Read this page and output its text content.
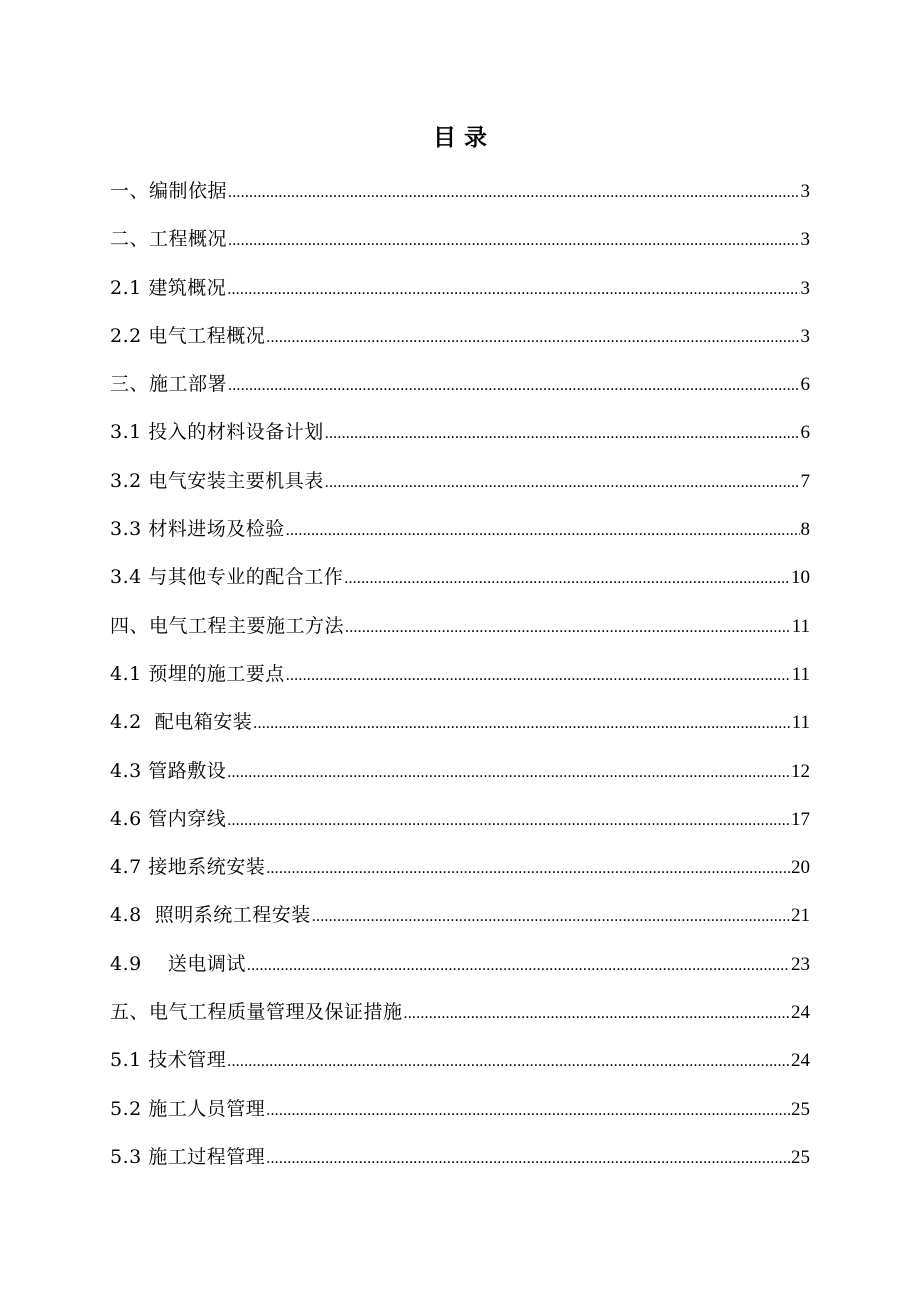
目 录
一、编制依据 .....	3
二、工程概况 .....	3
2.1 建筑概况 .....	3
2.2 电气工程概况 .....	3
三、施工部署 .....	6
3.1 投入的材料设备计划 .....	6
3.2 电气安装主要机具表 .....	7
3.3 材料进场及检验 .....	8
3.4 与其他专业的配合工作 .....	10
四、电气工程主要施工方法 .....	11
4.1 预埋的施工要点 .....	11
4.2  配电箱安装 .....	11
4.3 管路敷设 .....	12
4.6 管内穿线 .....	17
4.7 接地系统安装 .....	20
4.8  照明系统工程安装 .....	21
4.9    送电调试 .....	23
五、电气工程质量管理及保证措施 .....	24
5.1 技术管理 .....	24
5.2 施工人员管理 .....	25
5.3 施工过程管理 .....	25
